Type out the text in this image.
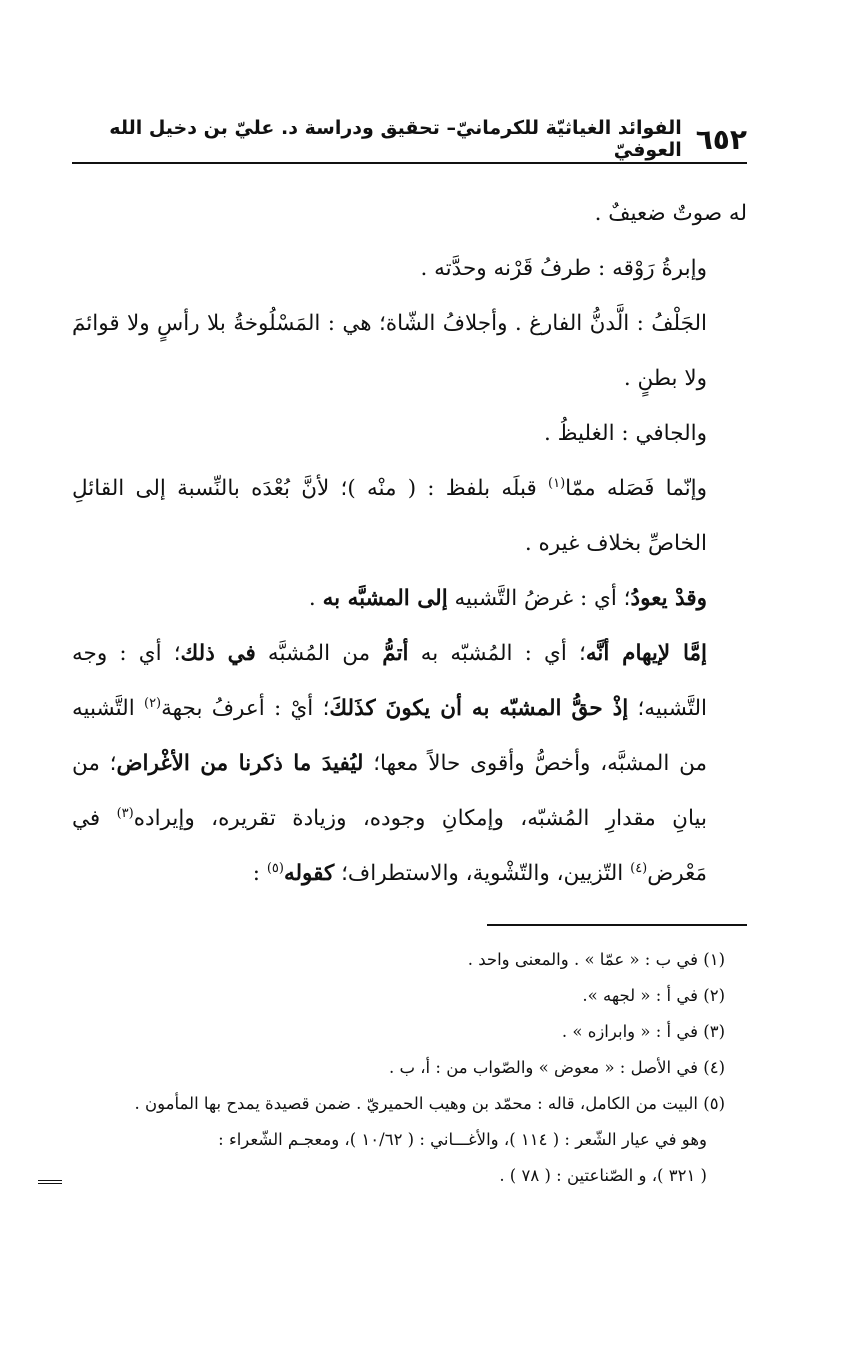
٦٥٢
الفوائد الغياثيّة للكرمانيّ– تحقيق ودراسة د. عليّ بن دخيل الله العوفيّ

له صوتٌ ضعيفٌ .

وإبرةُ رَوْقه : طرفُ قَرْنه وحدَّته .

الجَلْفُ : الَّدنُّ الفارغ . وأجلافُ الشّاة؛ هي : المَسْلُوخةُ بلا رأسٍ ولا قوائمَ ولا بطنٍ .

والجافي : الغليظُ .

وإنّما فَصَله ممّا$^{(١)}$ قبلَه بلفظ : ( منْه )؛ لأنَّ بُعْدَه بالنِّسبة إلى القائلِ الخاصِّ بخلاف غيره .

وقدْ يعودُ؛ أي : غرضُ التَّشبيه إلى المشبَّه به .

إمَّا لإيهام أنَّه؛ أي : المُشبّه به أتمُّ من المُشبَّه في ذلك؛ أي : وجه التَّشبيه؛ إذْ حقُّ المشبّه به أن يكونَ كذَلكَ؛ أيْ : أعرفُ بجهة$^{(٢)}$ التَّشبيه من المشبَّه، وأخصُّ وأقوى حالاً معها؛ ليُفيدَ ما ذكرنا من الأغْراض؛ من بيانِ مقدارِ المُشبّه، وإمكانِ وجوده، وزيادة تقريره، وإيراده$^{(٣)}$ في مَعْرض$^{(٤)}$ التّزيين، والتّشْوية، والاستطراف؛ كقوله$^{(٥)}$ :

(١) في ب : « عمّا » . والمعنى واحد .

(٢) في أ : « لجهه ».

(٣) في أ : « وابرازه » .

(٤) في الأصل : « معوض » والصّواب من : أ، ب .

(٥) البيت من الكامل، قاله : محمّد بن وهيب الحميريّ . ضمن قصيدة يمدح بها المأمون .

وهو في عيار الشّعر : ( ١١٤ )، والأغـــاني : ( ١٠/٦٢ )، ومعجـم الشّعراء :

( ٣٢١ )، و الصّناعتين : ( ٧٨ ) .
